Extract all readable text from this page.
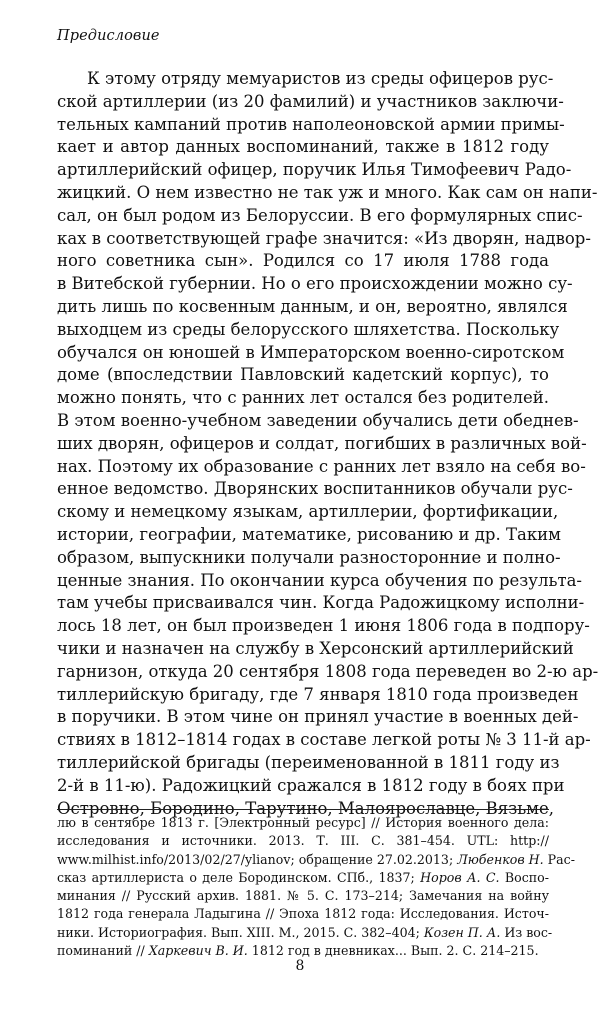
Предисловие
К этому отряду мемуаристов из среды офицеров рус-
ской артиллерии (из 20 фамилий) и участников заключи-
тельных кампаний против наполеоновской армии примы-
кает и автор данных воспоминаний, также в 1812 году
артиллерийский офицер, поручик Илья Тимофеевич Радо-
жицкий. О нем известно не так уж и много. Как сам он напи-
сал, он был родом из Белоруссии. В его формулярных спис-
ках в соответствующей графе значится: «Из дворян, надвор-
ного советника сын». Родился со 17 июля 1788 года
в Витебской губернии. Но о его происхождении можно су-
дить лишь по косвенным данным, и он, вероятно, являлся
выходцем из среды белорусского шляхетства. Поскольку
обучался он юношей в Императорском военно-сиротском
доме (впоследствии Павловский кадетский корпус), то
можно понять, что с ранних лет остался без родителей.
В этом военно-учебном заведении обучались дети обеднев-
ших дворян, офицеров и солдат, погибших в различных вой-
нах. Поэтому их образование с ранних лет взяло на себя во-
енное ведомство. Дворянских воспитанников обучали рус-
скому и немецкому языкам, артиллерии, фортификации,
истории, географии, математике, рисованию и др. Таким
образом, выпускники получали разносторонние и полно-
ценные знания. По окончании курса обучения по результа-
там учебы присваивался чин. Когда Радожицкому исполни-
лось 18 лет, он был произведен 1 июня 1806 года в подпору-
чики и назначен на службу в Херсонский артиллерийский
гарнизон, откуда 20 сентября 1808 года переведен во 2-ю ар-
тиллерийскую бригаду, где 7 января 1810 года произведен
в поручики. В этом чине он принял участие в военных дей-
ствиях в 1812–1814 годах в составе легкой роты № 3 11-й ар-
тиллерийской бригады (переименованной в 1811 году из
2-й в 11-ю). Радожицкий сражался в 1812 году в боях при
Островно, Бородино, Тарутино, Малоярославце, Вязьме,
лю в сентябре 1813 г. [Электронный ресурс] // История военного дела:
исследования и источники. 2013. Т. III. С. 381–454. UTL: http://
www.milhist.info/2013/02/27/ylianov; обращение 27.02.2013; Любенков Н. Рас-
сказ артиллериста о деле Бородинском. СПб., 1837; Норов А. С. Воспо-
минания // Русский архив. 1881. № 5. С. 173–214; Замечания на войну
1812 года генерала Ладыгина // Эпоха 1812 года: Исследования. Источ-
ники. Историография. Вып. XIII. М., 2015. С. 382–404; Козен П. А. Из вос-
поминаний // Харкевич В. И. 1812 год в дневниках... Вып. 2. С. 214–215.
8
